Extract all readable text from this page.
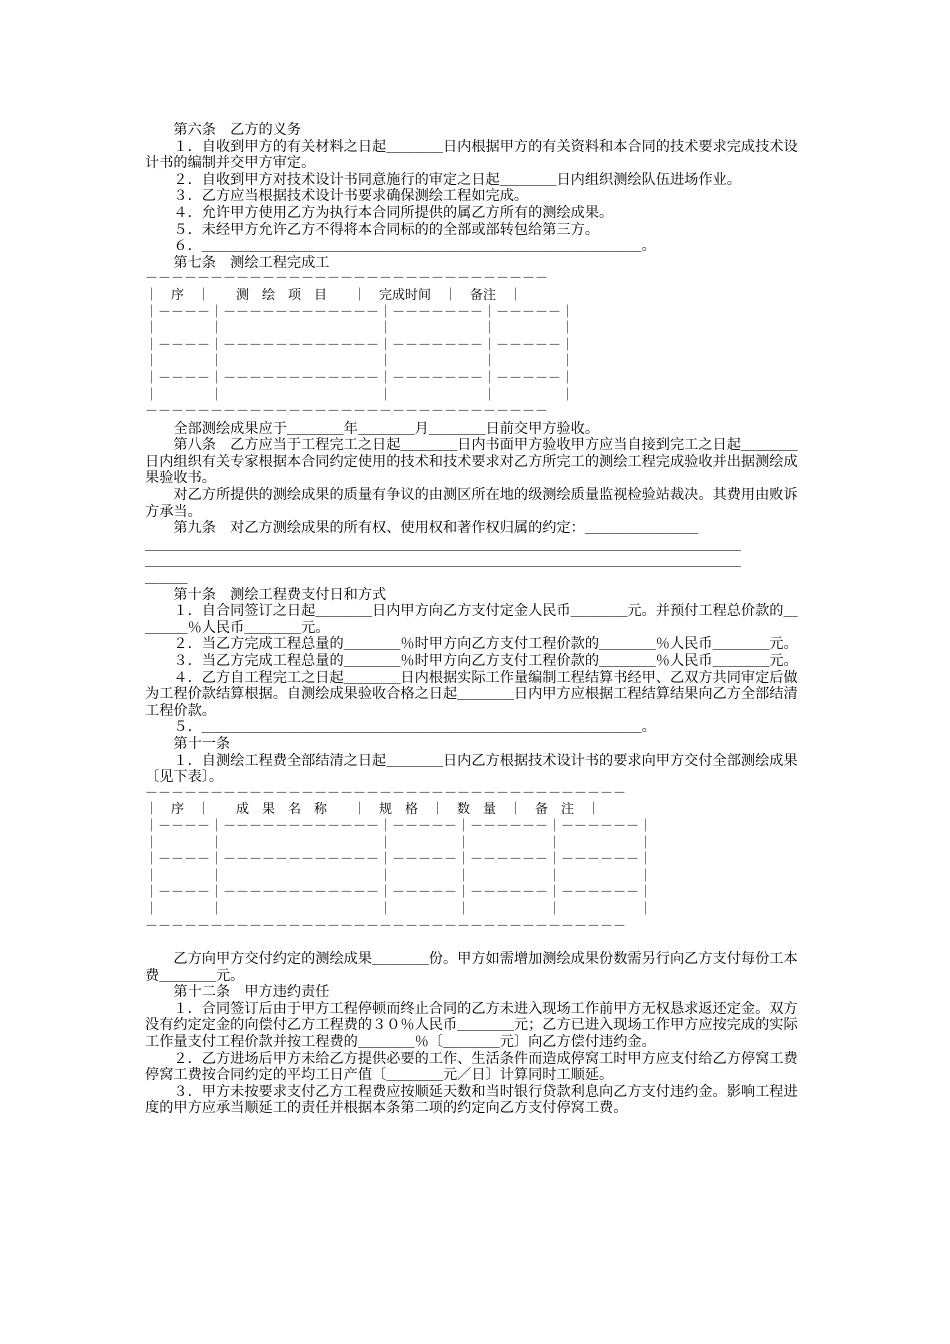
　　第六条　乙方的义务

　　１．自收到甲方的有关材料之日起＿＿＿＿日内根据甲方的有关资料和本合同的技术要求完成技术设计书的编制并交甲方审定。

　　２．自收到甲方对技术设计书同意施行的审定之日起＿＿＿＿日内组织测绘队伍进场作业。

　　３．乙方应当根据技术设计书要求确保测绘工程如完成。

　　４．允许甲方使用乙方为执行本合同所提供的属乙方所有的测绘成果。

　　５．未经甲方允许乙方不得将本合同标的的全部或部转包给第三方。

　　６．＿＿＿＿＿＿＿＿＿＿＿＿＿＿＿＿＿＿＿＿＿＿＿＿＿＿＿＿＿＿＿。

　　第七条　测绘工程完成工

－－－－－－－－－－－－－－－－－－－－－－－－－－－－－－－

｜　序　｜　　测　绘　项　目　　｜　完成时间　｜　备注　｜

｜－－－－｜－－－－－－－－－－－－｜－－－－－－－｜－－－－－｜

｜　　　　｜　　　　　　　　　　　　｜　　　　　　　｜　　　　　｜

｜－－－－｜－－－－－－－－－－－－｜－－－－－－－｜－－－－－｜

｜　　　　｜　　　　　　　　　　　　｜　　　　　　　｜　　　　　｜

｜－－－－｜－－－－－－－－－－－－｜－－－－－－－｜－－－－－｜

｜　　　　｜　　　　　　　　　　　　｜　　　　　　　｜　　　　　｜

－－－－－－－－－－－－－－－－－－－－－－－－－－－－－－－

　　全部测绘成果应于＿＿＿＿年＿＿＿＿月＿＿＿＿日前交甲方验收。

　　第八条　乙方应当于工程完工之日起＿＿＿＿日内书面甲方验收甲方应当自接到完工之日起＿＿＿＿日内组织有关专家根据本合同约定使用的技术和技术要求对乙方所完工的测绘工程完成验收并出据测绘成果验收书。

　　对乙方所提供的测绘成果的质量有争议的由测区所在地的级测绘质量监视检验站裁决。其费用由败诉方承当。

　　第九条　对乙方测绘成果的所有权、使用权和著作权归属的约定：＿＿＿＿＿＿＿＿

＿＿＿＿＿＿＿＿＿＿＿＿＿＿＿＿＿＿＿＿＿＿＿＿＿＿＿＿＿＿＿＿＿＿＿＿＿＿＿＿＿＿

＿＿＿＿＿＿＿＿＿＿＿＿＿＿＿＿＿＿＿＿＿＿＿＿＿＿＿＿＿＿＿＿＿＿＿＿＿＿＿＿＿＿

＿＿＿

　　第十条　测绘工程费支付日和方式

　　１．自合同签订之日起＿＿＿＿日内甲方向乙方支付定金人民币＿＿＿＿元。并预付工程总价款的＿＿＿＿％人民币＿＿＿＿元。

　　２．当乙方完成工程总量的＿＿＿＿％时甲方向乙方支付工程价款的＿＿＿＿％人民币＿＿＿＿元。

　　３．当乙方完成工程总量的＿＿＿＿％时甲方向乙方支付工程价款的＿＿＿＿％人民币＿＿＿＿元。

　　４．乙方自工程完工之日起＿＿＿＿日内根据实际工作量编制工程结算书经甲、乙双方共同审定后做为工程价款结算根据。自测绘成果验收合格之日起＿＿＿＿日内甲方应根据工程结算结果向乙方全部结清工程价款。

　　５．＿＿＿＿＿＿＿＿＿＿＿＿＿＿＿＿＿＿＿＿＿＿＿＿＿＿＿＿＿＿＿。

　　第十一条

　　１．自测绘工程费全部结清之日起＿＿＿＿日内乙方根据技术设计书的要求向甲方交付全部测绘成果〔见下表〕。

－－－－－－－－－－－－－－－－－－－－－－－－－－－－－－－－－－－－－

｜　序　｜　　成　果　名　称　　｜　规　格　｜　数　量　｜　备　注　｜

｜－－－－｜－－－－－－－－－－－－｜－－－－－｜－－－－－－｜－－－－－－｜

｜　　　　｜　　　　　　　　　　　　｜　　　　　｜　　　　　　｜　　　　　　｜

｜－－－－｜－－－－－－－－－－－－｜－－－－－｜－－－－－－｜－－－－－－｜

｜　　　　｜　　　　　　　　　　　　｜　　　　　｜　　　　　　｜　　　　　　｜

｜－－－－｜－－－－－－－－－－－－｜－－－－－｜－－－－－－｜－－－－－－｜

｜　　　　｜　　　　　　　　　　　　｜　　　　　｜　　　　　　｜　　　　　　｜

－－－－－－－－－－－－－－－－－－－－－－－－－－－－－－－－－－－－－

　　乙方向甲方交付约定的测绘成果＿＿＿＿份。甲方如需增加测绘成果份数需另行向乙方支付每份工本费＿＿＿＿元。

　　第十二条　甲方违约责任

　　１．合同签订后由于甲方工程停顿而终止合同的乙方未进入现场工作前甲方无权恳求返还定金。双方没有约定定金的向偿付乙方工程费的３０％人民币＿＿＿＿元；乙方已进入现场工作甲方应按完成的实际工作量支付工程价款并按工程费的＿＿＿＿％〔＿＿＿＿元〕向乙方偿付违约金。

　　２．乙方进场后甲方未给乙方提供必要的工作、生活条件而造成停窝工时甲方应支付给乙方停窝工费停窝工费按合同约定的平均工日产值〔＿＿＿＿元／日〕计算同时工顺延。

　　３．甲方未按要求支付乙方工程费应按顺延天数和当时银行贷款利息向乙方支付违约金。影响工程进度的甲方应承当顺延工的责任并根据本条第二项的约定向乙方支付停窝工费。
